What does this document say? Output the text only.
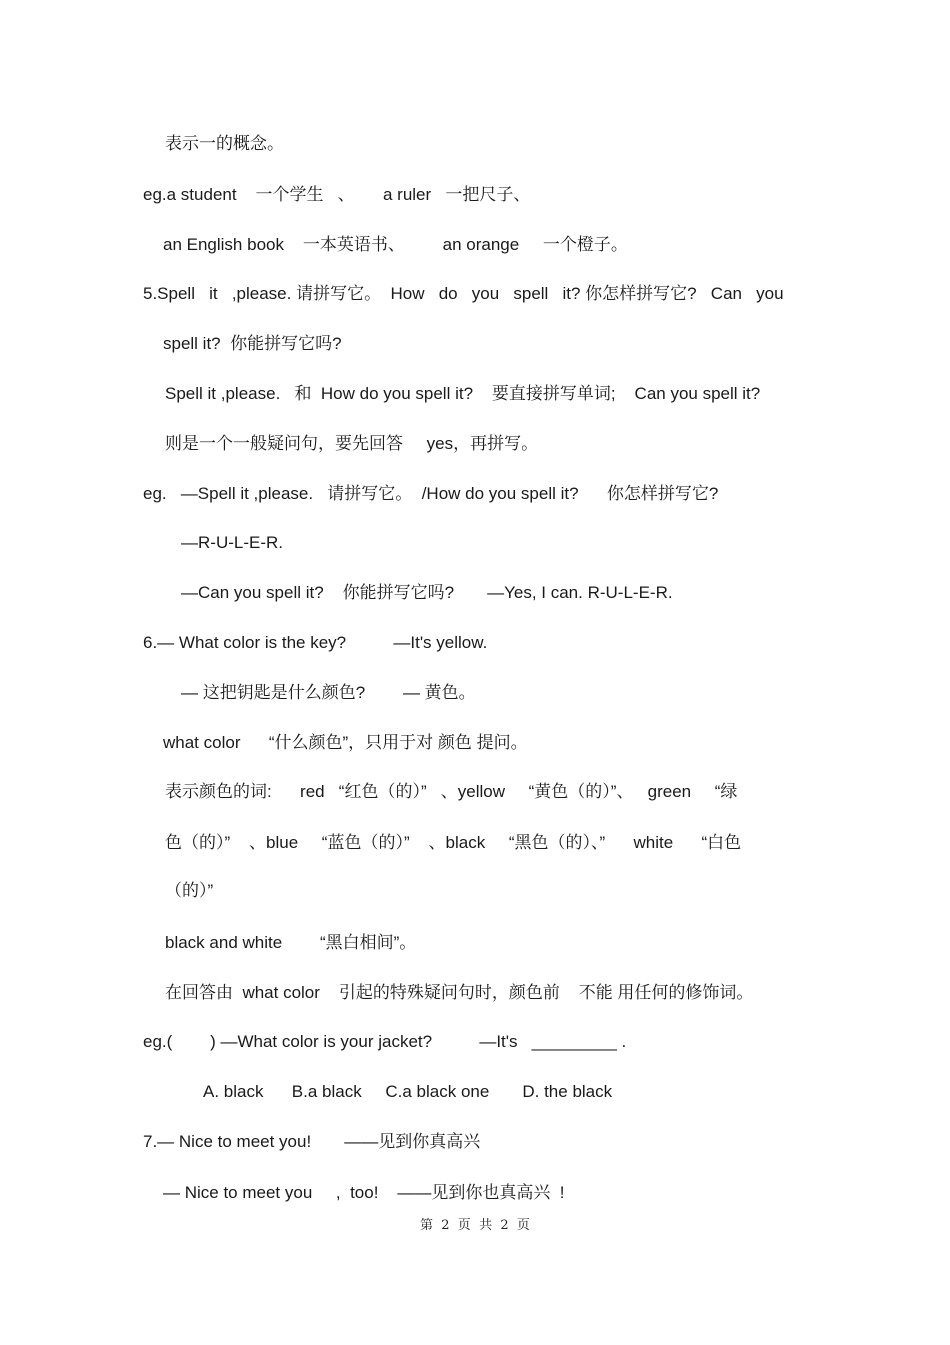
表示一的概念。
eg.a student    一个学生   、      a ruler   一把尺子、
an English book    一本英语书、        an orange     一个橙子。
5.Spell   it   ,please. 请拼写它。  How   do   you   spell   it? 你怎样拼写它?   Can   you
spell it?  你能拼写它吗?
Spell it ,please.   和  How do you spell it?    要直接拼写单词;    Can you spell it?
则是一个一般疑问句，要先回答     yes，再拼写。
eg.   —Spell it ,please.   请拼写它。  /How do you spell it?      你怎样拼写它?
—R-U-L-E-R.
—Can you spell it?    你能拼写它吗?       —Yes, I can. R-U-L-E-R.
6.— What color is the key?          —It's yellow.
— 这把钥匙是什么颜色?        — 黄色。
what color      “什么颜色”，只用于对 颜色 提问。
表示颜色的词:      red   “红色（的）”   、yellow     “黄色（的）”、   green     “绿
色（的）”    、blue     “蓝色（的）”    、black     “黑色（的）、”      white      “白色
（的）”
black and white        “黑白相间”。
在回答由  what color    引起的特殊疑问句时，颜色前    不能 用任何的修饰词。
eg.(        ) —What color is your jacket?          —It's   _________ .
A. black      B.a black     C.a black one       D. the black
7.— Nice to meet you!       ——见到你真高兴
— Nice to meet you     ,  too!    ——见到你也真高兴  !
第  2  页  共  2  页
